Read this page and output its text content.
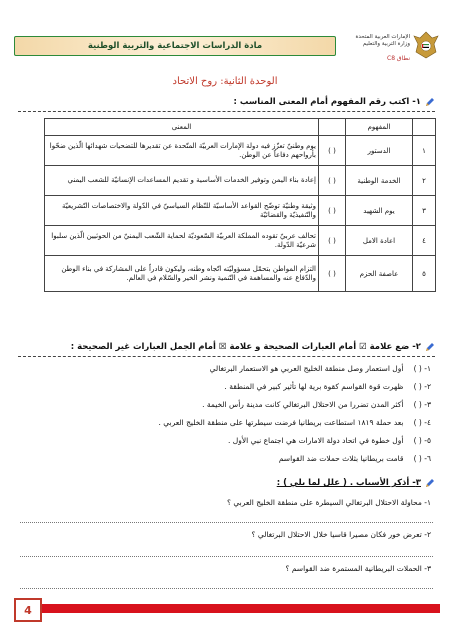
مادة الدراسات الاجتماعية والتربية الوطنية
الإمارات العربية المتحدة
وزارة التربية والتعليم
نطاق C8
الوحدة الثانية: روح الاتحاد
١- اكتب رقم المفهوم أمام المعنى المناسب :
	المفهوم		المعنى
١	الدستور	( )	يوم وطنيّ تعزّز فيه دولة الإمارات العربيّة المتّحدة عن تقديرها للتضحيات شهدائها الّذين ضحّوا بأرواحهم دفاعاً عن الوطن.
٢	الخدمة الوطنية	( )	إعادة بناء اليمن وتوفير الخدمات الأساسية و تقديم المساعدات الإنسانيّة للشعب اليمني
٣	يوم الشهيد	( )	وثيقة وطنيّة توضّح القواعد الأساسيّة للنّظام السياسيّ في الدّولة والاختصاصات التّشريعيّة والتّنفيذيّة والقضائيّة
٤	اعادة الامل	( )	تحالف عربيّ تقوده المملكة العربيّة السّعوديّة لحماية الشّعب اليمنيّ من الحوثيين الّذين سلبوا شرعيّة الدّولة.
٥	عاصفة الحزم	( )	التزام المواطن بتحمّل مسؤوليّته اتّجاه وطنه، وليكون قادراً على المشاركة في بناء الوطن والدّفاع عنه والمساهمة في التّنمية ونشر الخير والسّلام في العالم.
٢- ضع علامة ☑ أمام العبارات الصحيحة و علامة ☒ أمام الجمل العبارات غير الصحيحة :
١- ( ) أول استعمار وصل منطقة الخليج العربي هو الاستعمار البرتغالي
٢- ( ) ظهرت قوة القواسم كقوة برية لها تأثير كبير في المنطقة .
٣- ( ) أكثر المدن تضررا من الاحتلال البرتغالي كانت مدينة رأس الخيمة .
٤- ( ) بعد حملة ١٨١٩ استطاعت بريطانيا فرضت سيطرتها على منطقة الخليج العربي .
٥- ( ) أول خطوة في اتحاد دولة الامارات هي اجتماع نبي الأول .
٦- ( ) قامت بريطانيا بثلاث حملات ضد القواسم
٣- أذكر الأسباب . ( علل لما يلي ) :
١- محاولة الاحتلال البرتغالي السيطرة على منطقة الخليج العربي ؟
٢- تعرض خور فكان مصيرا قاسيا خلال الاحتلال البرتغالي ؟
٣- الحملات البريطانية المستمرة ضد القواسم ؟
4
